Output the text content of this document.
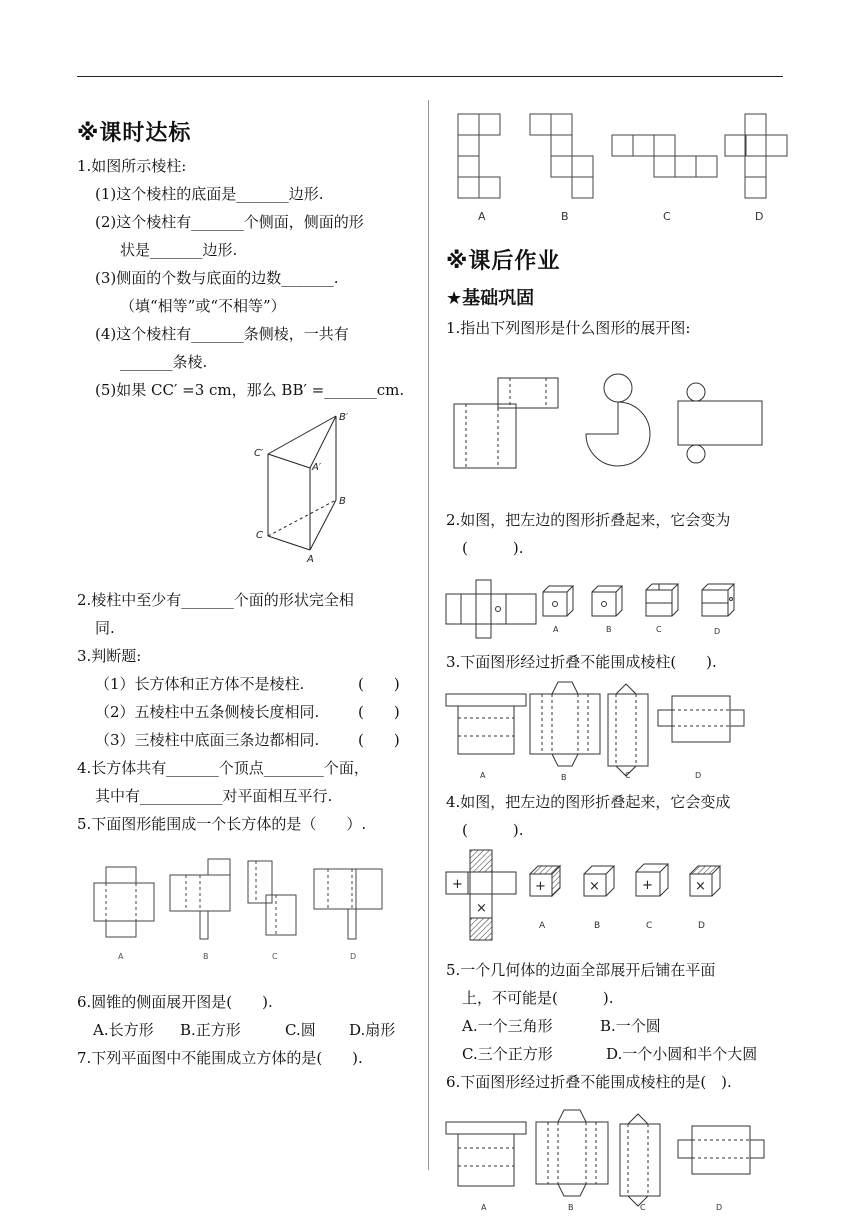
※课时达标
1.如图所示棱柱:
(1)这个棱柱的底面是_______边形.
(2)这个棱柱有_______个侧面，侧面的形
状是_______边形.
(3)侧面的个数与底面的边数_______.
（填“相等”或“不相等”）
(4)这个棱柱有_______条侧棱，一共有
_______条棱.
(5)如果 CC′ =3 cm，那么 BB′ =_______cm.
B′
C′
A′
B
C
A
2.棱柱中至少有_______个面的形状完全相
同.
3.判断题:
（1）长方体和正方体不是棱柱.	(　　)
（2）五棱柱中五条侧棱长度相同.	(　　)
（3）三棱柱中底面三条边都相同.	(　　)
4.长方体共有_______个顶点________个面，
其中有___________对平面相互平行.
5.下面图形能围成一个长方体的是（　　）.
A	B	C	D
6.圆锥的侧面展开图是(　　).
A.长方形 B.正方形	C.圆 D.扇形
7.下列平面图中不能围成立方体的是(　　).
A	B	C	D
※课后作业
★基础巩固
1.指出下列图形是什么图形的展开图:
2.如图，把左边的图形折叠起来，它会变为
(　　　).
A	B	C	D
3.下面图形经过折叠不能围成棱柱(　　).
A	B	C	D
4.如图，把左边的图形折叠起来，它会变成
(　　　).
+
×
+	×	+	×
A	B	C	D
5.一个几何体的边面全部展开后铺在平面
上，不可能是(　　　).
A.一个三角形	B.一个圆
C.三个正方形	D.一个小圆和半个大圆
6.下面图形经过折叠不能围成棱柱的是(　).
A	B	C	D
